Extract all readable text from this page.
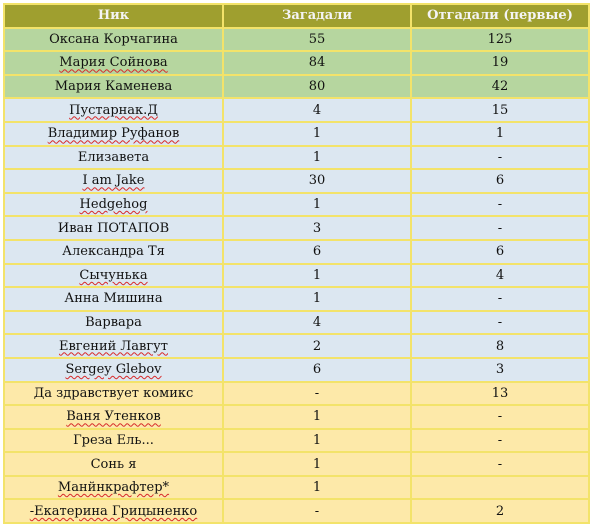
Ник	Загадали	Отгадали (первые)
Оксана Корчагина	55	125
Мария Сойнова	84	19
Мария Каменева	80	42
Пустарнак.Д	4	15
Владимир Руфанов	1	1
Елизавета	1	-
I am Jake	30	6
Hedgehog	1	-
Иван ПОТАПОВ	3	-
Александра Тя	6	6
Сычунька	1	4
Анна Мишина	1	-
Варвара	4	-
Евгений Лавгут	2	8
Sergey Glebov	6	3
Да здравствует комикс	-	13
Ваня Утенков	1	-
Греза Ель...	1	-
Сонь я	1	-
Манйнкрафтер*	1	
-Екатерина Грицыненко	-	2
